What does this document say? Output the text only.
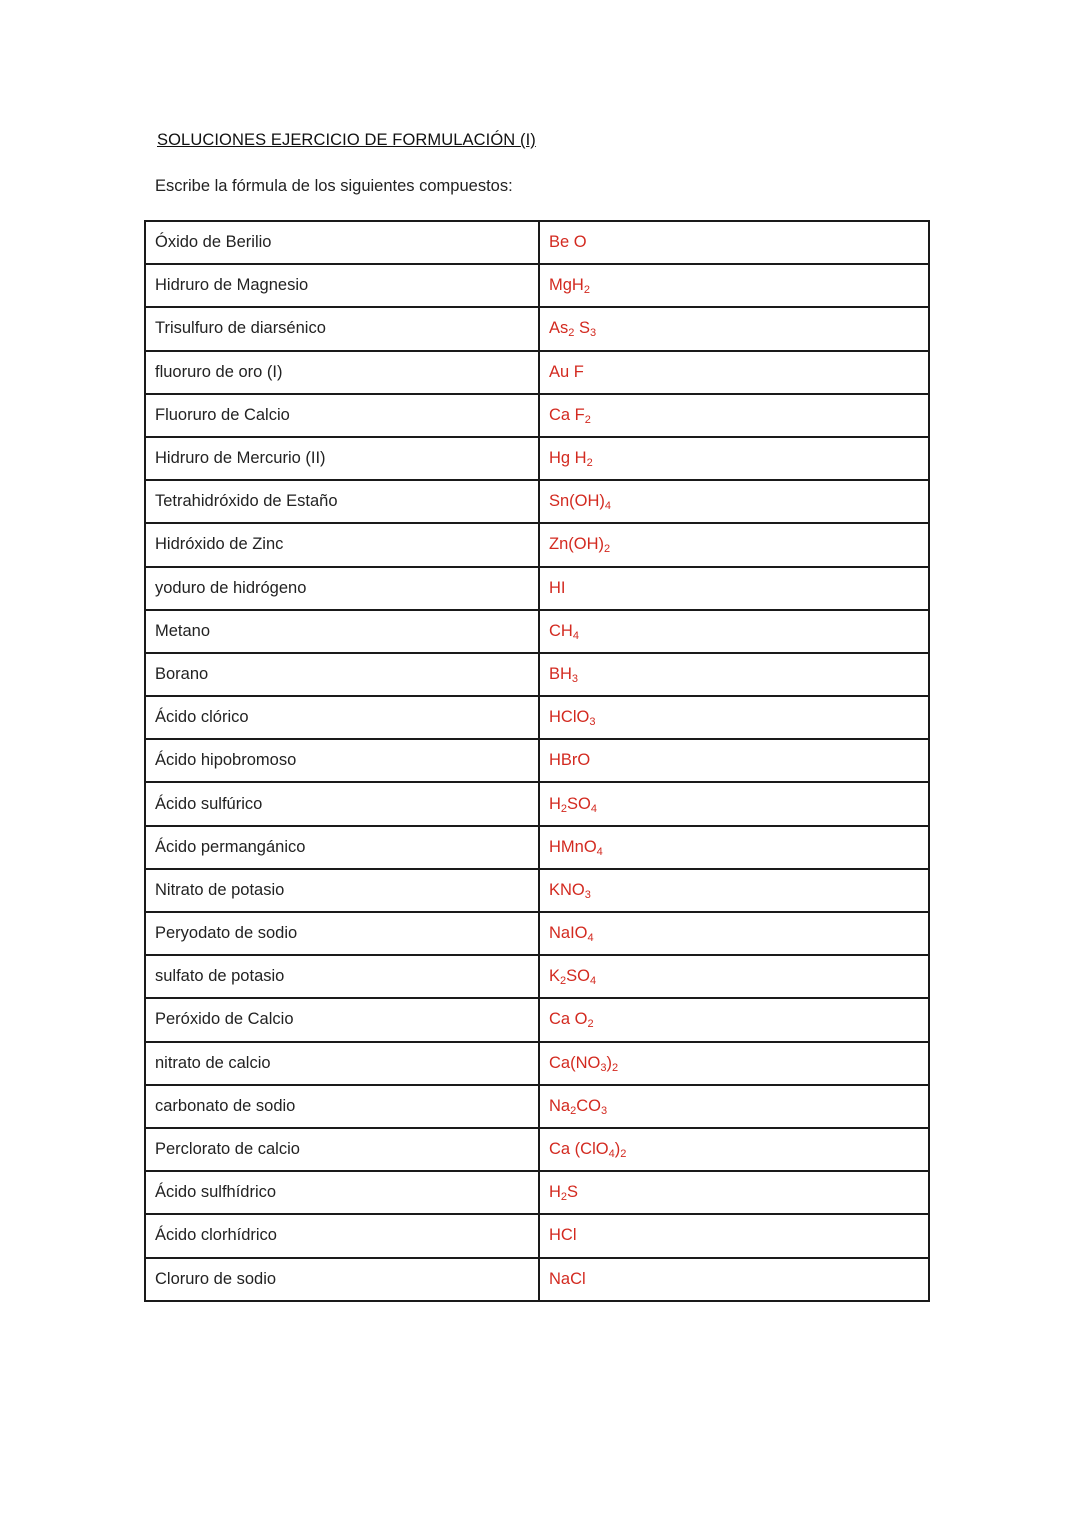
SOLUCIONES EJERCICIO DE FORMULACIÓN (I)
Escribe la fórmula de los siguientes compuestos:
Óxido de Berilio	Be O
Hidruro de Magnesio	MgH$_2$
Trisulfuro de diarsénico	$As_2$ $S_3$
fluoruro de oro (I)	Au F
Fluoruro de Calcio	Ca $F_2$
Hidruro de Mercurio (II)	Hg $H_2$
Tetrahidróxido de Estaño	$Sn(OH)_4$
Hidróxido de Zinc	$Zn(OH)_2$
yoduro de hidrógeno	HI
Metano	$CH_4$
Borano	$BH_3$
Ácido clórico	HClO$_3$
Ácido hipobromoso	HBrO
Ácido sulfúrico	$H_2SO_4$
Ácido permangánico	HMnO$_4$
Nitrato de potasio	$KNO_3$
Peryodato de sodio	NaIO$_4$
sulfato de potasio	$K_2SO_4$
Peróxido de Calcio	Ca $O_2$
nitrato de calcio	$Ca(NO_3)_2$
carbonato de sodio	$Na_2CO_3$
Perclorato de calcio	Ca $(ClO_4)_2$
Ácido sulfhídrico	$H_2S$
Ácido clorhídrico	HCl
Cloruro de sodio	NaCl
